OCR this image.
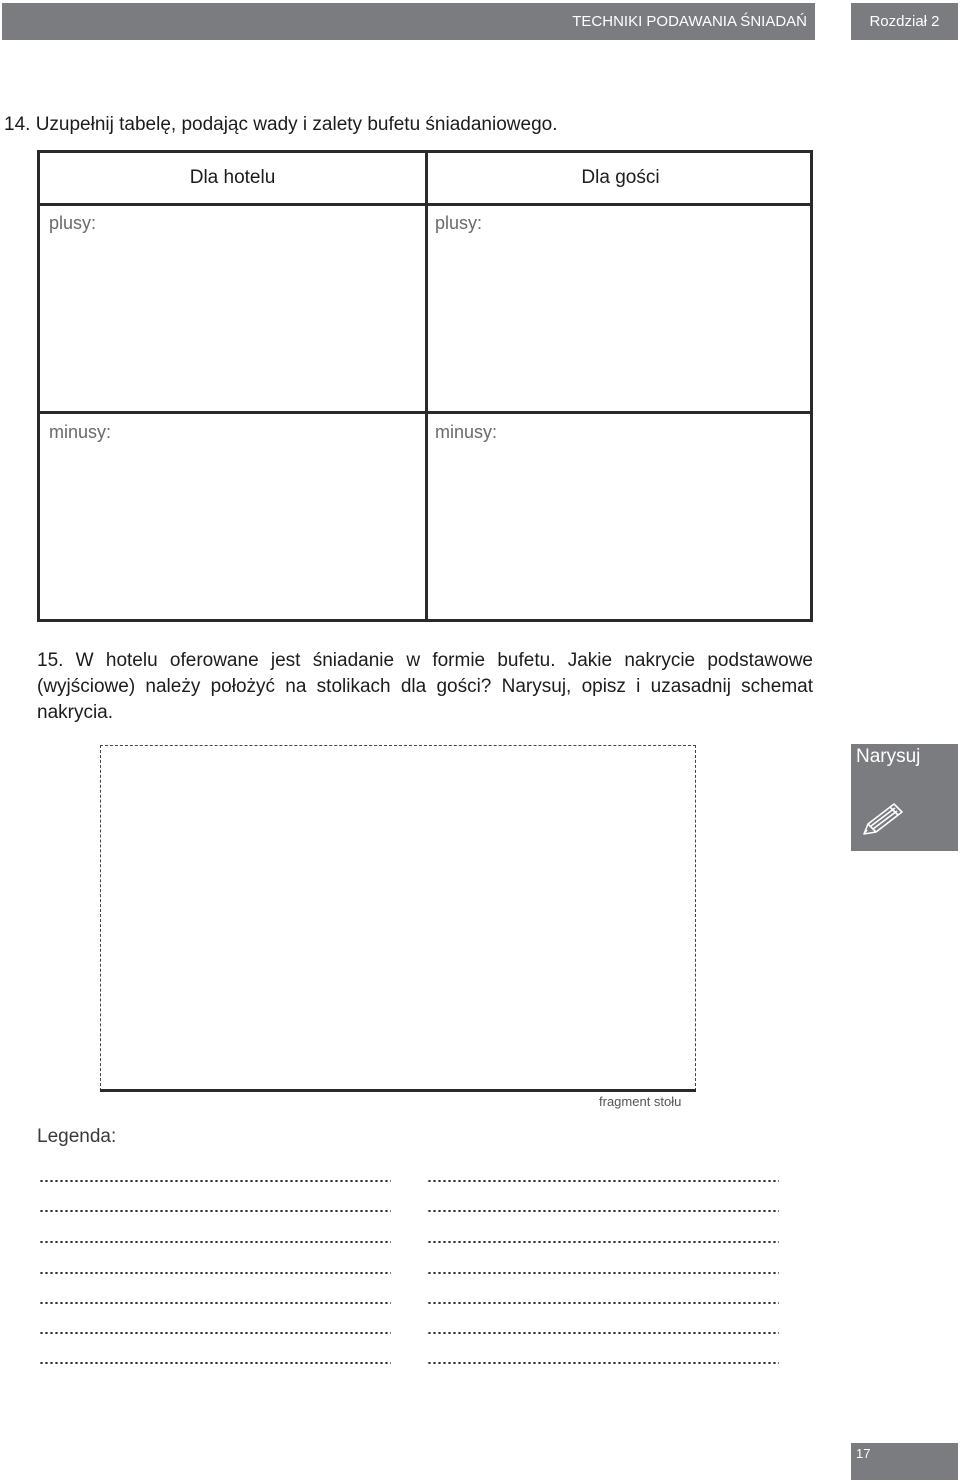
TECHNIKI PODAWANIA ŚNIADAŃ	Rozdział 2
14. Uzupełnij tabelę, podając wady i zalety bufetu śniadaniowego.
Dla hotelu	Dla gości
plusy:	plusy:
minusy:	minusy:
15. W hotelu oferowane jest śniadanie w formie bufetu. Jakie nakrycie podstawowe (wyjściowe) należy położyć na stolikach dla gości? Narysuj, opisz i uzasadnij schemat nakrycia.
fragment stołu
Narysuj
Legenda:
17
